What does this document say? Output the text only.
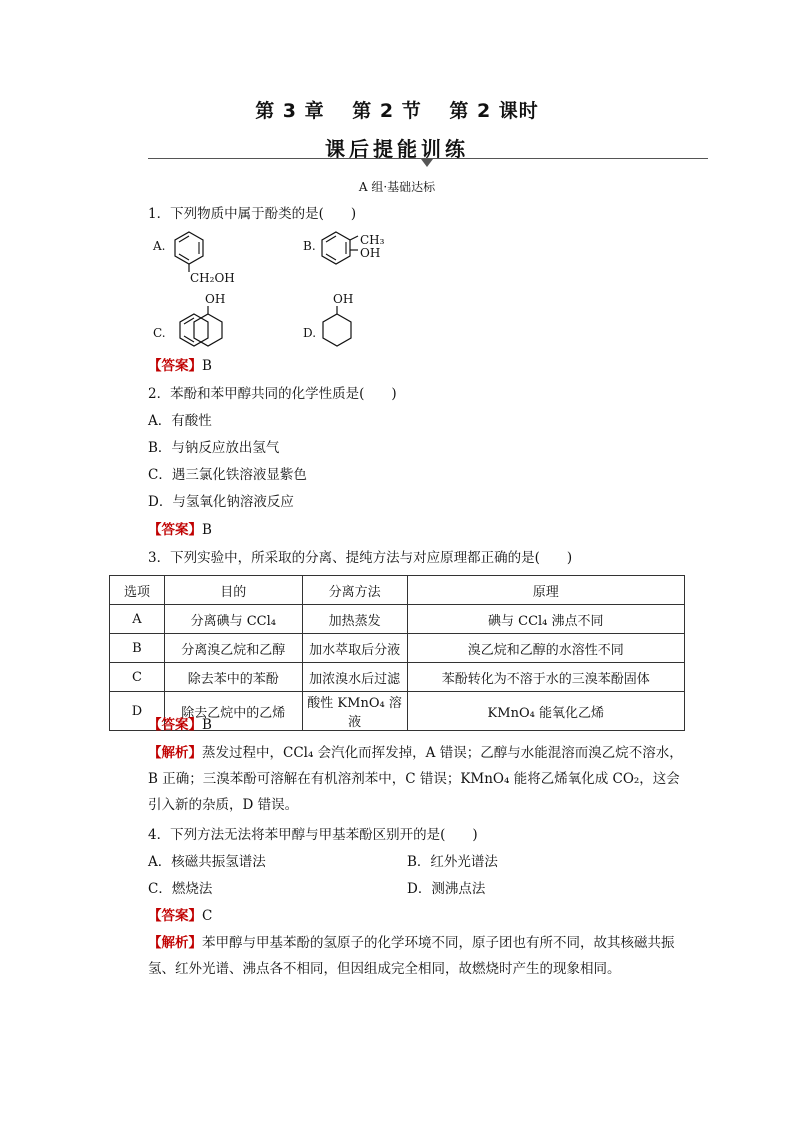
第 3 章 第 2 节 第 2 课时
课后提能训练
A 组·基础达标
1．下列物质中属于酚类的是(　　)
A.
CH₂OH
B.	CH₃
OH
OH
C.
OH
D.
【答案】B
2．苯酚和苯甲醇共同的化学性质是(　　)
A．有酸性
B．与钠反应放出氢气
C．遇三氯化铁溶液显紫色
D．与氢氧化钠溶液反应
【答案】B
3．下列实验中，所采取的分离、提纯方法与对应原理都正确的是(　　)
选项	目的	分离方法	原理
A	分离碘与 CCl₄	加热蒸发	碘与 CCl₄ 沸点不同
B	分离溴乙烷和乙醇	加水萃取后分液	溴乙烷和乙醇的水溶性不同
C	除去苯中的苯酚	加浓溴水后过滤	苯酚转化为不溶于水的三溴苯酚固体
D	除去乙烷中的乙烯	酸性 KMnO₄ 溶液	KMnO₄ 能氧化乙烯
【答案】B
【解析】蒸发过程中，CCl₄ 会汽化而挥发掉，A 错误；乙醇与水能混溶而溴乙烷不溶水，B 正确；三溴苯酚可溶解在有机溶剂苯中，C 错误；KMnO₄ 能将乙烯氧化成 CO₂，这会引入新的杂质，D 错误。
4．下列方法无法将苯甲醇与甲基苯酚区别开的是(　　)
A．核磁共振氢谱法	B．红外光谱法
C．燃烧法	D．测沸点法
【答案】C
【解析】苯甲醇与甲基苯酚的氢原子的化学环境不同，原子团也有所不同，故其核磁共振氢、红外光谱、沸点各不相同，但因组成完全相同，故燃烧时产生的现象相同。
